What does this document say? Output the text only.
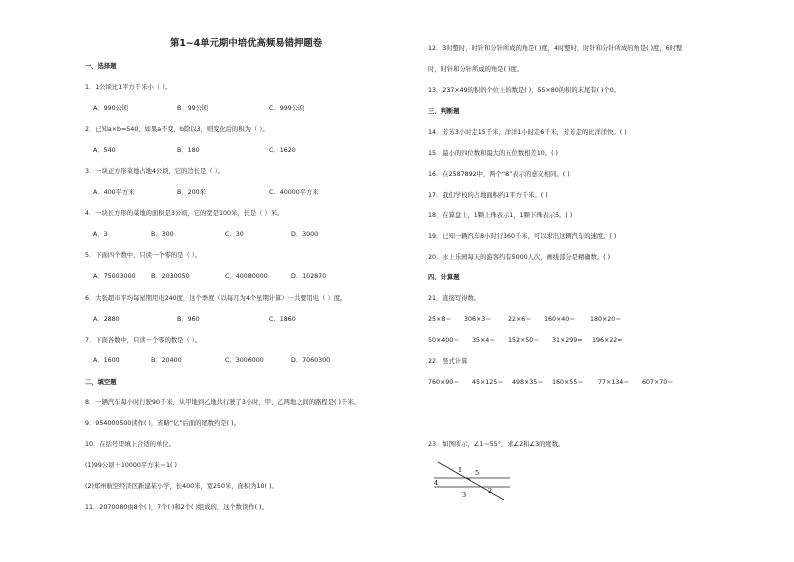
第1~4单元期中培优高频易错押题卷
一、选择题
1．1公顷比1平方千米小（ ）。
A．990公顷	B．99公顷	C．999公顷
2．已知a×b=540，如果a不变，b除以3，则变化后的积为（ ）。
A．540	B．180	C．1620
3．一块正方形菜地占地4公顷，它的边长是（ ）。
A．400平方米	B．200米	C．40000平方米
4．一块长方形的菜地的面积是3公顷，它的宽是100米，长是（ ）米。
A．3	B．300	C．30	D．3000
5．下面四个数中，只读一个零的是（ ）。
A．75003000 B．2030050	C．40080000	D．102870
6．大张超市平均每星期用电240度，这个季度（以每月为4个星期计算）一共要用电（ ）度。
A．2880	B．960	C．1860
7．下面各数中，只读一个零的数是（ ）。
A．1600	B．20400	C．3006000	D．7060300
二、填空题
8．一辆汽车每小时行驶90千米，从甲地到乙地共行驶了3小时，甲、乙两地之间的路程是( )千米。
9．954000500读作( )，省略“亿”后面的尾数约是( )。
10．在括号里填上合适的单位。
(1)99公顷＋10000平方米＝1( )
(2)郑州航空经济区新建某小学，长400米，宽250米，面积为10( )。
11．2070080由8个( )，7个( )和2个( )组成的，这个数读作( )。
12．3时整时，时针和分针所成的角是( )度，4时整时，时针和分针所成的角是( )度，6时整
时，时针和分针所成的角是( )度。
13．237×49的积的个位上的数是( )，55×80的积的末尾有( )个0。
三、判断题
14．芳芳3小时走15千米，洋洋1小时走6千米，芳芳走的比洋洋快。( )
15．最小的四位数和最大的五位数相差10。( )
16．在2587892中，两个“8”表示的意义相同。( )
17．我们学校的占地面积约1平方千米。( )
18．在算盘上，1颗上珠表示1，1颗下珠表示5。( )
19．已知一辆汽车8小时行360千米，可以求出这辆汽车的速度。( )
20．水上乐园每天的游客约有5000人次，画线部分是精确数。( )
四、计算题
21．直接写得数。
25×8＝ 306×3＝	22×6＝ 160×40＝ 180×20＝
50×400＝ 35×4＝ 152×50＝ 31×299≈ 196×22≈
22．竖式计算
760×90＝ 45×125＝ 498×35＝ 160×55＝ 77×134＝ 607×70＝
23．如图所示，∠1＝55°，求∠2和∠3的度数。
1
2
3
4
5
